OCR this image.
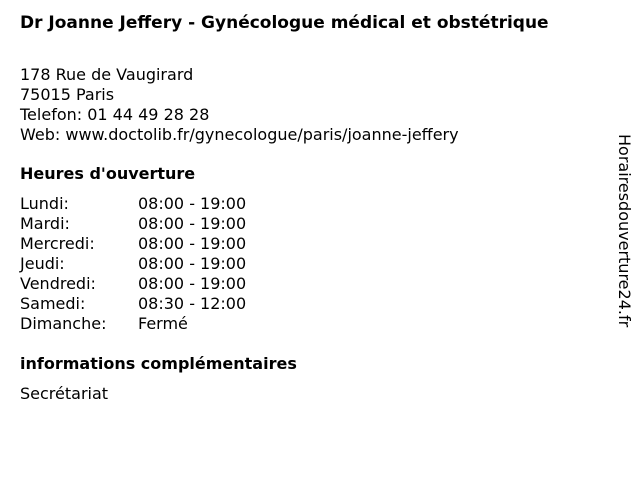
Dr Joanne Jeffery - Gynécologue médical et obstétrique
178 Rue de Vaugirard
75015 Paris
Telefon: 01 44 49 28 28
Web: www.doctolib.fr/gynecologue/paris/joanne-jeffery
Heures d'ouverture
Lundi:	08:00 - 19:00
Mardi:	08:00 - 19:00
Mercredi:	08:00 - 19:00
Jeudi:	08:00 - 19:00
Vendredi:	08:00 - 19:00
Samedi:	08:30 - 12:00
Dimanche:	Fermé
informations complémentaires
Secrétariat
Horairesdouverture24.fr
